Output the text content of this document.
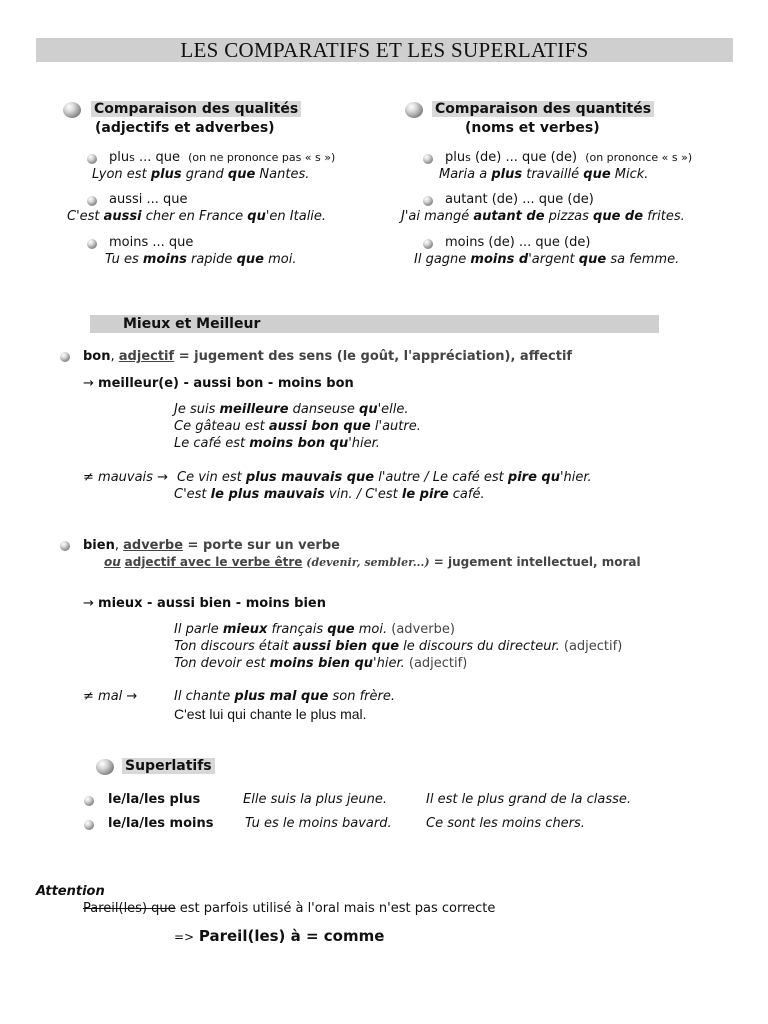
LES COMPARATIFS ET LES SUPERLATIFS
Comparaison des qualités
(adjectifs et adverbes)
plus ... que (on ne prononce pas « s »)
Lyon est plus grand que Nantes.
aussi ... que
C'est aussi cher en France qu'en Italie.
moins ... que
Tu es moins rapide que moi.
Comparaison des quantités
(noms et verbes)
plus (de) ... que (de) (on prononce « s »)
Maria a plus travaillé que Mick.
autant (de) ... que (de)
J'ai mangé autant de pizzas que de frites.
moins (de) ... que (de)
Il gagne moins d'argent que sa femme.
Mieux et Meilleur
bon, adjectif = jugement des sens (le goût, l'appréciation), affectif
→ meilleur(e) - aussi bon - moins bon
Je suis meilleure danseuse qu'elle.
Ce gâteau est aussi bon que l'autre.
Le café est moins bon qu'hier.
≠ mauvais → Ce vin est plus mauvais que l'autre / Le café est pire qu'hier.
C'est le plus mauvais vin. / C'est le pire café.
bien, adverbe = porte sur un verbe
ou adjectif avec le verbe être (devenir, sembler...) = jugement intellectuel, moral
→ mieux - aussi bien - moins bien
Il parle mieux français que moi. (adverbe)
Ton discours était aussi bien que le discours du directeur. (adjectif)
Ton devoir est moins bien qu'hier. (adjectif)
≠ mal →	Il chante plus mal que son frère.
C'est lui qui chante le plus mal.
Superlatifs
le/la/les plus	Elle suis la plus jeune.	Il est le plus grand de la classe.
le/la/les moins Tu es le moins bavard.	Ce sont les moins chers.
Attention
Pareil(les) que est parfois utilisé à l'oral mais n'est pas correcte
=> Pareil(les) à = comme
